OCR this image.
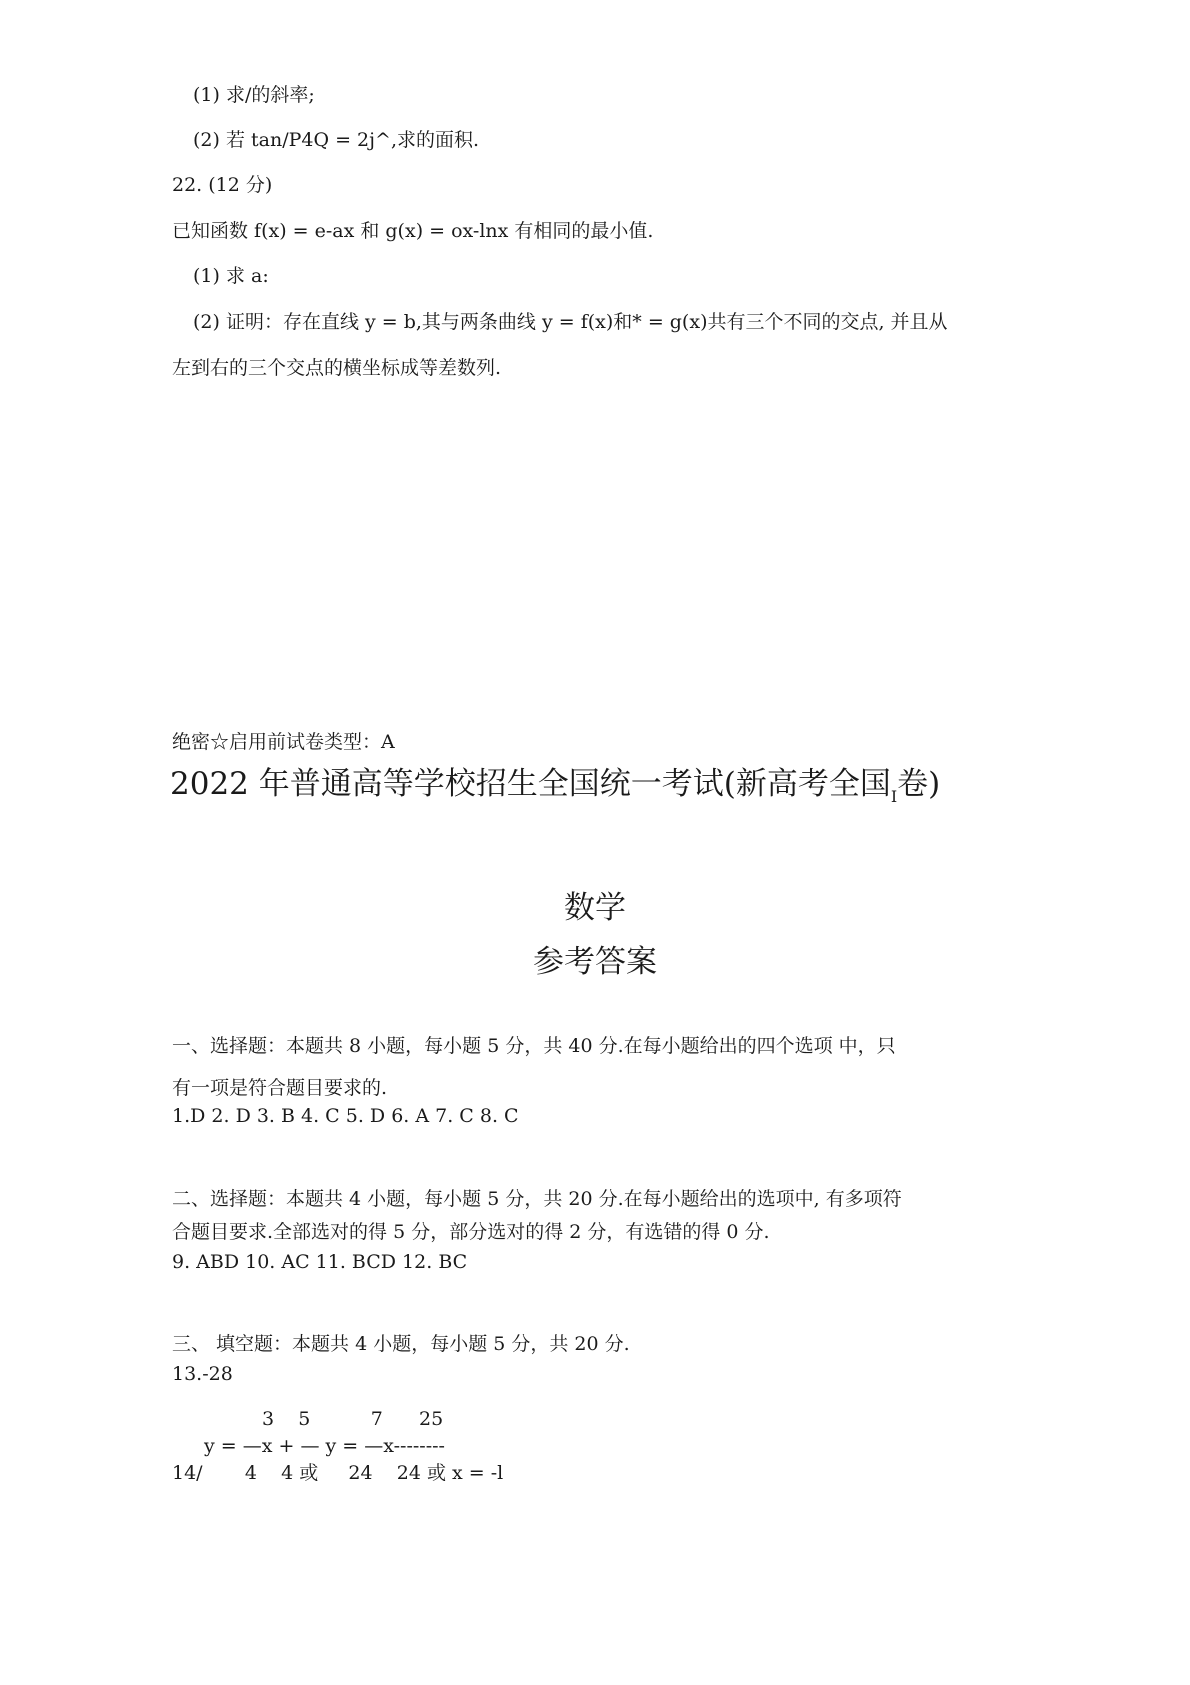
(1) 求/的斜率;
(2) 若 tan/P4Q = 2j^,求的面积.
22. (12 分)
已知函数 f(x) = e-ax 和 g(x) = ox-lnx 有相同的最小值.
(1) 求 a:
(2) 证明：存在直线 y = b,其与两条曲线 y = f(x)和* = g(x)共有三个不同的交点, 并且从
左到右的三个交点的横坐标成等差数列.
绝密☆启用前试卷类型：A
2022 年普通高等学校招生全国统一考试(新高考全国$_I$卷)
数学
参考答案
一、选择题：本题共 8 小题，每小题 5 分，共 40 分.在每小题给出的四个选项 中，只
有一项是符合题目要求的.
1.D 2. D 3. B 4. C 5. D 6. A 7. C 8. C
二、选择题：本题共 4 小题，每小题 5 分，共 20 分.在每小题给出的选项中, 有多项符
合题目要求.全部选对的得 5 分，部分选对的得 2 分，有选错的得 0 分.
9. ABD 10. AC 11. BCD 12. BC
三、 填空题：本题共 4 小题，每小题 5 分，共 20 分.
13.-28
3    5          7      25
y = —x + — y = —x--------
14/       4    4 或     24    24 或 x = -l
